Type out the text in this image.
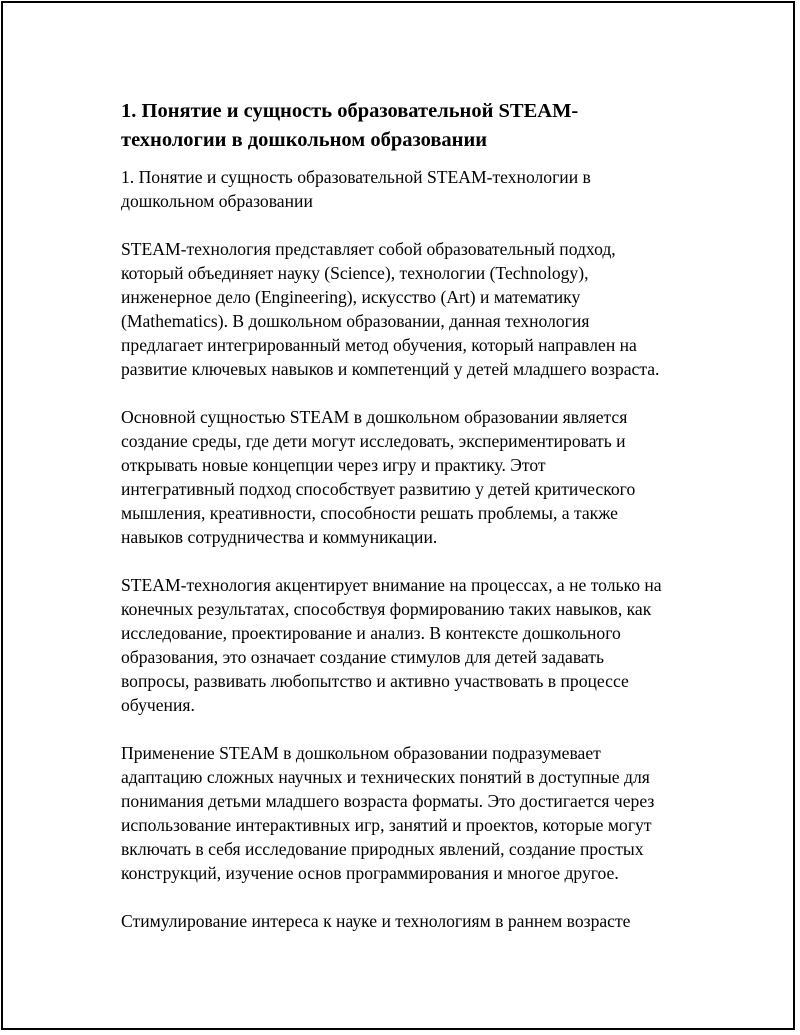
1. Понятие и сущность образовательной STEAM-
технологии в дошкольном образовании
1. Понятие и сущность образовательной STEAM-технологии в
дошкольном образовании
STEAM-технология представляет собой образовательный подход,
который объединяет науку (Science), технологии (Technology),
инженерное дело (Engineering), искусство (Art) и математику
(Mathematics). В дошкольном образовании, данная технология
предлагает интегрированный метод обучения, который направлен на
развитие ключевых навыков и компетенций у детей младшего возраста.
Основной сущностью STEAM в дошкольном образовании является
создание среды, где дети могут исследовать, экспериментировать и
открывать новые концепции через игру и практику. Этот
интегративный подход способствует развитию у детей критического
мышления, креативности, способности решать проблемы, а также
навыков сотрудничества и коммуникации.
STEAM-технология акцентирует внимание на процессах, а не только на
конечных результатах, способствуя формированию таких навыков, как
исследование, проектирование и анализ. В контексте дошкольного
образования, это означает создание стимулов для детей задавать
вопросы, развивать любопытство и активно участвовать в процессе
обучения.
Применение STEAM в дошкольном образовании подразумевает
адаптацию сложных научных и технических понятий в доступные для
понимания детьми младшего возраста форматы. Это достигается через
использование интерактивных игр, занятий и проектов, которые могут
включать в себя исследование природных явлений, создание простых
конструкций, изучение основ программирования и многое другое.
Стимулирование интереса к науке и технологиям в раннем возрасте
